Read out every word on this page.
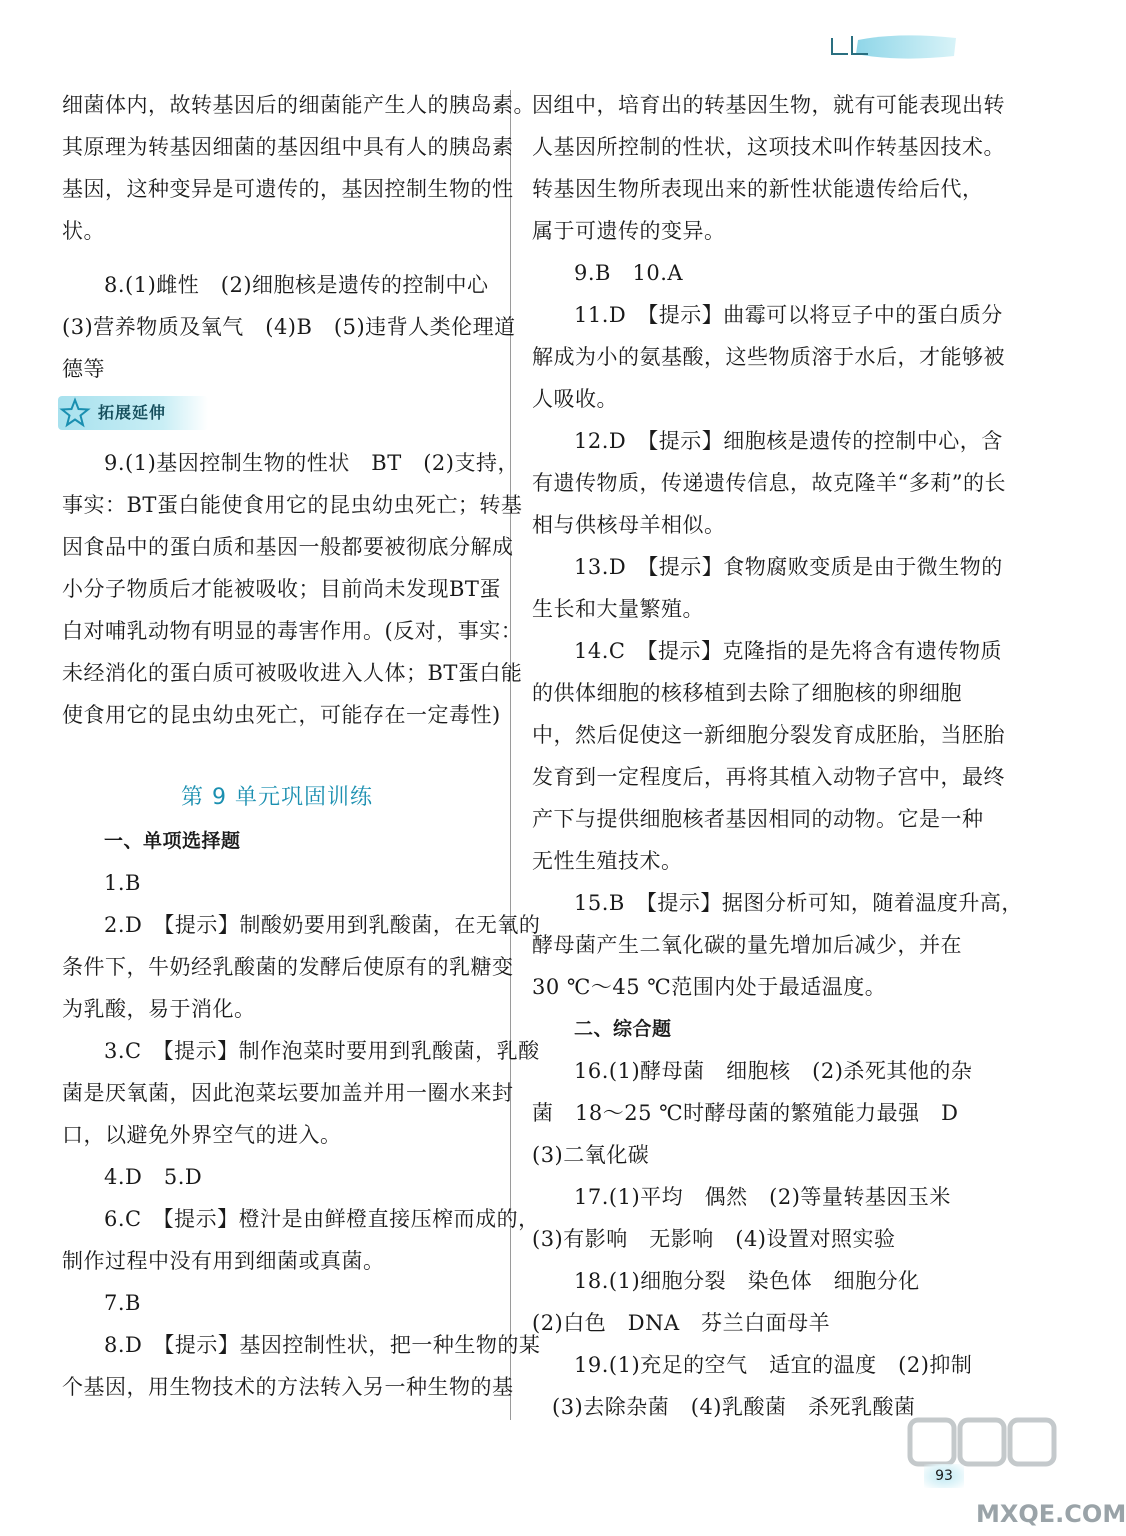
细菌体内，故转基因后的细菌能产生人的胰岛素。
其原理为转基因细菌的基因组中具有人的胰岛素
基因，这种变异是可遗传的，基因控制生物的性
状。
8.(1)雌性　(2)细胞核是遗传的控制中心
(3)营养物质及氧气　(4)B　(5)违背人类伦理道
德等
拓展延伸
9.(1)基因控制生物的性状　BT　(2)支持，
事实：BT蛋白能使食用它的昆虫幼虫死亡；转基
因食品中的蛋白质和基因一般都要被彻底分解成
小分子物质后才能被吸收；目前尚未发现BT蛋
白对哺乳动物有明显的毒害作用。(反对，事实：
未经消化的蛋白质可被吸收进入人体；BT蛋白能
使食用它的昆虫幼虫死亡，可能存在一定毒性)
第 9 单元巩固训练
一、单项选择题
1.B
2.D　【提示】制酸奶要用到乳酸菌，在无氧的
条件下，牛奶经乳酸菌的发酵后使原有的乳糖变
为乳酸，易于消化。
3.C　【提示】制作泡菜时要用到乳酸菌，乳酸
菌是厌氧菌，因此泡菜坛要加盖并用一圈水来封
口，以避免外界空气的进入。
4.D　5.D
6.C　【提示】橙汁是由鲜橙直接压榨而成的，
制作过程中没有用到细菌或真菌。
7.B
8.D　【提示】基因控制性状，把一种生物的某
个基因，用生物技术的方法转入另一种生物的基
因组中，培育出的转基因生物，就有可能表现出转
人基因所控制的性状，这项技术叫作转基因技术。
转基因生物所表现出来的新性状能遗传给后代，
属于可遗传的变异。
9.B　10.A
11.D　【提示】曲霉可以将豆子中的蛋白质分
解成为小的氨基酸，这些物质溶于水后，才能够被
人吸收。
12.D　【提示】细胞核是遗传的控制中心，含
有遗传物质，传递遗传信息，故克隆羊“多莉”的长
相与供核母羊相似。
13.D　【提示】食物腐败变质是由于微生物的
生长和大量繁殖。
14.C　【提示】克隆指的是先将含有遗传物质
的供体细胞的核移植到去除了细胞核的卵细胞
中，然后促使这一新细胞分裂发育成胚胎，当胚胎
发育到一定程度后，再将其植入动物子宫中，最终
产下与提供细胞核者基因相同的动物。它是一种
无性生殖技术。
15.B　【提示】据图分析可知，随着温度升高，
酵母菌产生二氧化碳的量先增加后减少，并在
30 ℃～45 ℃范围内处于最适温度。
二、综合题
16.(1)酵母菌　细胞核　(2)杀死其他的杂
菌　18～25 ℃时酵母菌的繁殖能力最强　D
(3)二氧化碳
17.(1)平均　偶然　(2)等量转基因玉米
(3)有影响　无影响　(4)设置对照实验
18.(1)细胞分裂　染色体　细胞分化
(2)白色　DNA　芬兰白面母羊
19.(1)充足的空气　适宜的温度　(2)抑制
(3)去除杂菌　(4)乳酸菌　杀死乳酸菌
93
MXQE.COM
